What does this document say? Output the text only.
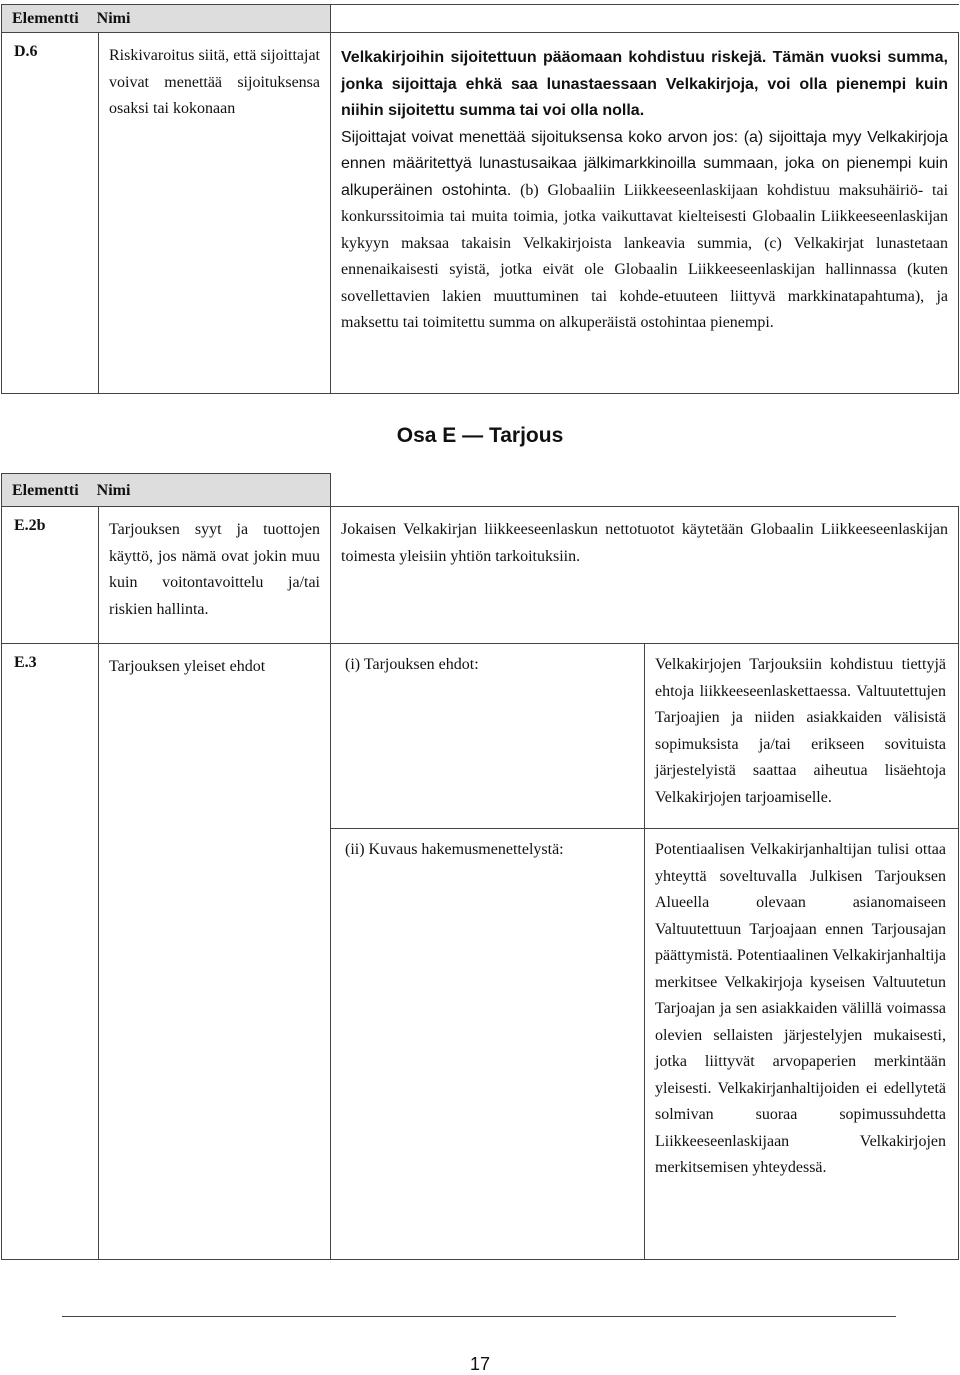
Elementti Nimi		

D.6	Riskivaroitus siitä, että sijoittajat voivat menettää sijoituksensa osaksi tai kokonaan	Velkakirjoihin sijoitettuun pääomaan kohdistuu riskejä. Tämän vuoksi summa, jonka sijoittaja ehkä saa lunastaessaan Velkakirjoja, voi olla pienempi kuin niihin sijoitettu summa tai voi olla nolla.
Sijoittajat voivat menettää sijoituksensa koko arvon jos: (a) sijoittaja myy Velkakirjoja ennen määritettyä lunastusaikaa jälkimarkkinoilla summaan, joka on pienempi kuin alkuperäinen ostohinta. (b) Globaaliin Liikkeeseenlaskijaan kohdistuu maksuhäiriö- tai konkurssitoimia tai muita toimia, jotka vaikuttavat kielteisesti Globaalin Liikkeeseenlaskijan kykyyn maksaa takaisin Velkakirjoista lankeavia summia, (c) Velkakirjat lunastetaan ennenaikaisesti syistä, jotka eivät ole Globaalin Liikkeeseenlaskijan hallinnassa (kuten sovellettavien lakien muuttuminen tai kohde-etuuteen liittyvä markkinatapahtuma), ja maksettu tai toimitettu summa on alkuperäistä ostohintaa pienempi.
Osa E — Tarjous
Elementti Nimi			

E.2b	Tarjouksen syyt ja tuottojen käyttö, jos nämä ovat jokin muu kuin voitontavoittelu ja/tai riskien hallinta.	Jokaisen Velkakirjan liikkeeseenlaskun nettotuotot käytetään Globaalin Liikkeeseenlaskijan toimesta yleisiin yhtiön tarkoituksiin.	

E.3	Tarjouksen yleiset ehdot	(i) Tarjouksen ehdot:	Velkakirjojen Tarjouksiin kohdistuu tiettyjä ehtoja liikkeeseenlaskettaessa. Valtuutettujen Tarjoajien ja niiden asiakkaiden välisistä sopimuksista ja/tai erikseen sovituista järjestelyistä saattaa aiheutua lisäehtoja Velkakirjojen tarjoamiselle.

		(ii) Kuvaus hakemusmenettelystä:	Potentiaalisen Velkakirjanhaltijan tulisi ottaa yhteyttä soveltuvalla Julkisen Tarjouksen Alueella olevaan asianomaiseen Valtuutettuun Tarjoajaan ennen Tarjousajan päättymistä. Potentiaalinen Velkakirjanhaltija merkitsee Velkakirjoja kyseisen Valtuutetun Tarjoajan ja sen asiakkaiden välillä voimassa olevien sellaisten järjestelyjen mukaisesti, jotka liittyvät arvopaperien merkintään yleisesti. Velkakirjanhaltijoiden ei edellytetä solmivan suoraa sopimussuhdetta Liikkeeseenlaskijaan Velkakirjojen merkitsemisen yhteydessä.
17
